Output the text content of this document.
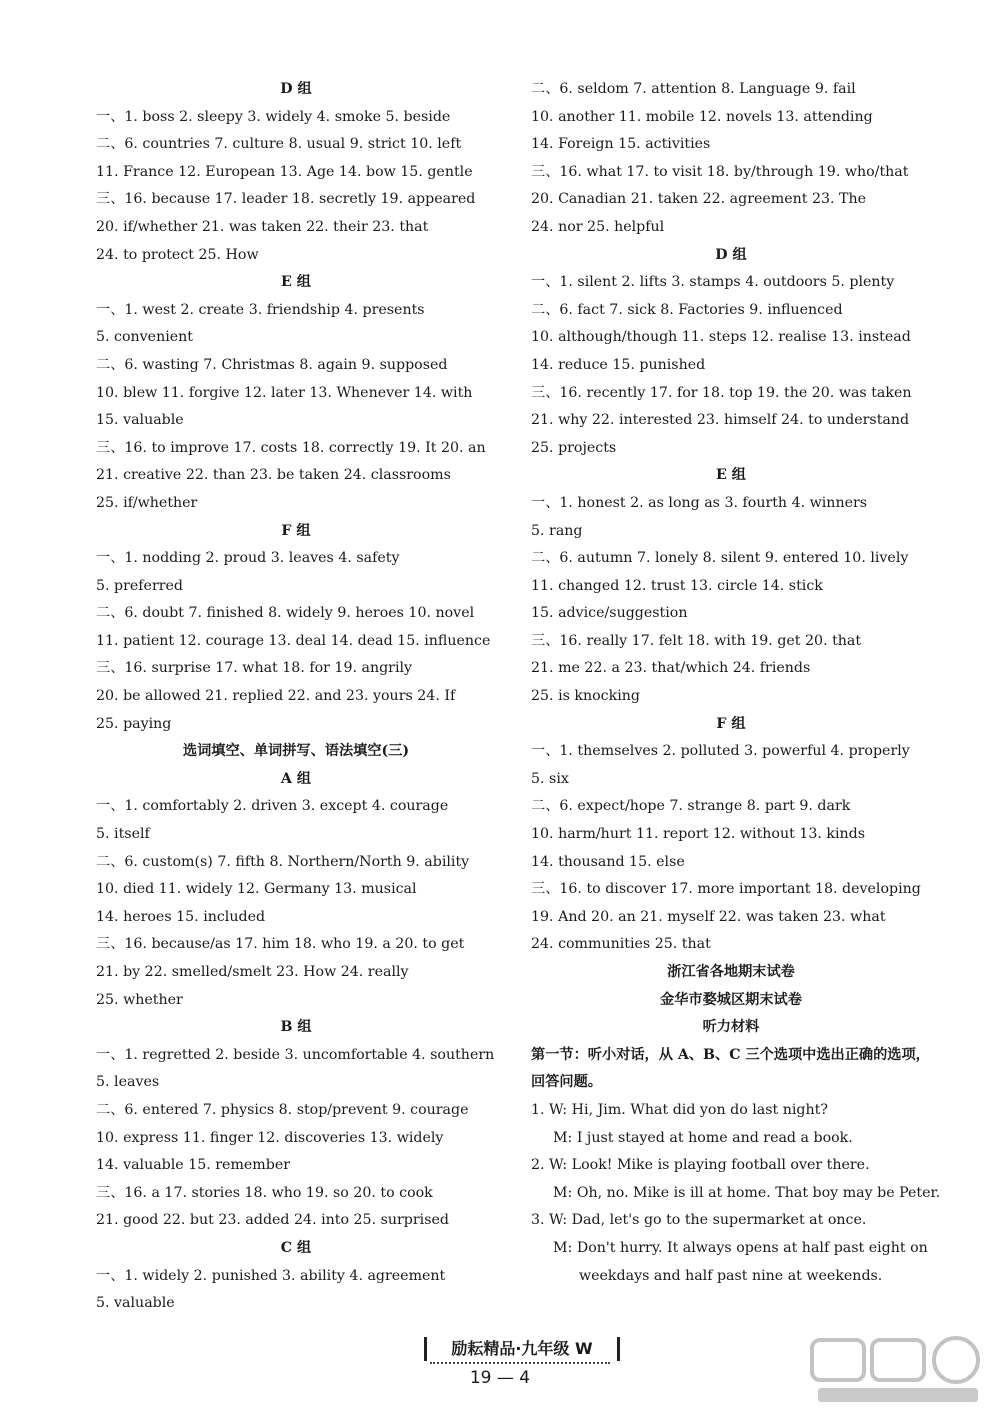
D 组
一、1. boss 2. sleepy 3. widely 4. smoke 5. beside
二、6. countries 7. culture 8. usual 9. strict 10. left
11. France 12. European 13. Age 14. bow 15. gentle
三、16. because 17. leader 18. secretly 19. appeared
20. if/whether 21. was taken 22. their 23. that
24. to protect 25. How
E 组
一、1. west 2. create 3. friendship 4. presents
5. convenient
二、6. wasting 7. Christmas 8. again 9. supposed
10. blew 11. forgive 12. later 13. Whenever 14. with
15. valuable
三、16. to improve 17. costs 18. correctly 19. It 20. an
21. creative 22. than 23. be taken 24. classrooms
25. if/whether
F 组
一、1. nodding 2. proud 3. leaves 4. safety
5. preferred
二、6. doubt 7. finished 8. widely 9. heroes 10. novel
11. patient 12. courage 13. deal 14. dead 15. influence
三、16. surprise 17. what 18. for 19. angrily
20. be allowed 21. replied 22. and 23. yours 24. If
25. paying
选词填空、单词拼写、语法填空(三)
A 组
一、1. comfortably 2. driven 3. except 4. courage
5. itself
二、6. custom(s) 7. fifth 8. Northern/North 9. ability
10. died 11. widely 12. Germany 13. musical
14. heroes 15. included
三、16. because/as 17. him 18. who 19. a 20. to get
21. by 22. smelled/smelt 23. How 24. really
25. whether
B 组
一、1. regretted 2. beside 3. uncomfortable 4. southern
5. leaves
二、6. entered 7. physics 8. stop/prevent 9. courage
10. express 11. finger 12. discoveries 13. widely
14. valuable 15. remember
三、16. a 17. stories 18. who 19. so 20. to cook
21. good 22. but 23. added 24. into 25. surprised
C 组
一、1. widely 2. punished 3. ability 4. agreement
5. valuable
二、6. seldom 7. attention 8. Language 9. fail
10. another 11. mobile 12. novels 13. attending
14. Foreign 15. activities
三、16. what 17. to visit 18. by/through 19. who/that
20. Canadian 21. taken 22. agreement 23. The
24. nor 25. helpful
D 组
一、1. silent 2. lifts 3. stamps 4. outdoors 5. plenty
二、6. fact 7. sick 8. Factories 9. influenced
10. although/though 11. steps 12. realise 13. instead
14. reduce 15. punished
三、16. recently 17. for 18. top 19. the 20. was taken
21. why 22. interested 23. himself 24. to understand
25. projects
E 组
一、1. honest 2. as long as 3. fourth 4. winners
5. rang
二、6. autumn 7. lonely 8. silent 9. entered 10. lively
11. changed 12. trust 13. circle 14. stick
15. advice/suggestion
三、16. really 17. felt 18. with 19. get 20. that
21. me 22. a 23. that/which 24. friends
25. is knocking
F 组
一、1. themselves 2. polluted 3. powerful 4. properly
5. six
二、6. expect/hope 7. strange 8. part 9. dark
10. harm/hurt 11. report 12. without 13. kinds
14. thousand 15. else
三、16. to discover 17. more important 18. developing
19. And 20. an 21. myself 22. was taken 23. what
24. communities 25. that
浙江省各地期末试卷
金华市婺城区期末试卷
听力材料
第一节：听小对话，从 A、B、C 三个选项中选出正确的选项，
回答问题。
1. W: Hi, Jim. What did yon do last night?
M: I just stayed at home and read a book.
2. W: Look! Mike is playing football over there.
M: Oh, no. Mike is ill at home. That boy may be Peter.
3. W: Dad, let's go to the supermarket at once.
M: Don't hurry. It always opens at half past eight on
weekdays and half past nine at weekends.
励耘精品·九年级 W
19 — 4
